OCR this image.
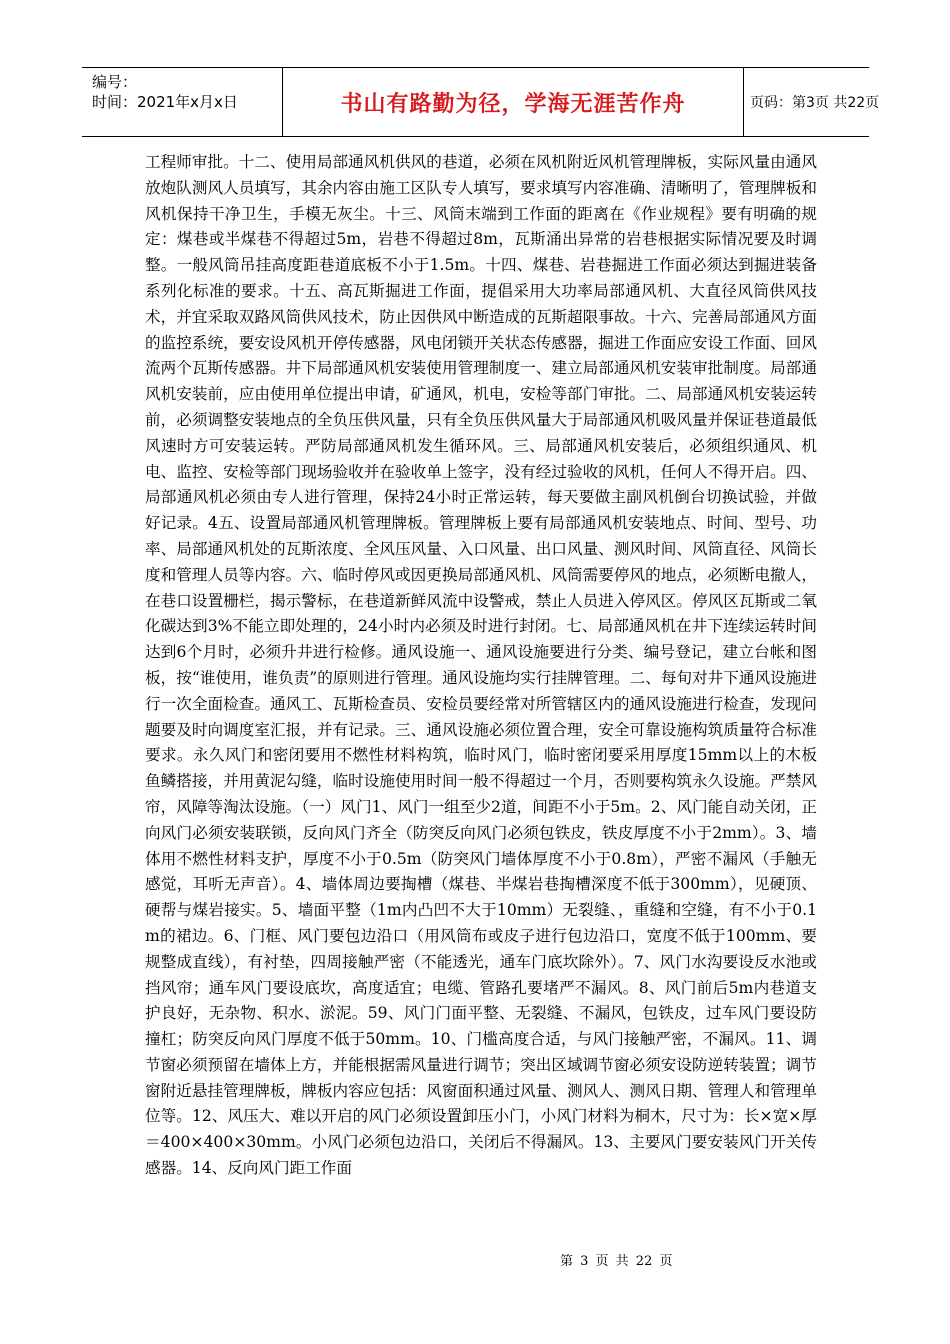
编号：
时间：2021年x月x日	书山有路勤为径，学海无涯苦作舟	页码：第3页 共22页

工程师审批。十二、使用局部通风机供风的巷道，必须在风机附近风机管理牌板，实际风量由通风放炮队测风人员填写，其余内容由施工区队专人填写，要求填写内容准确、清晰明了，管理牌板和风机保持干净卫生，手模无灰尘。十三、风筒末端到工作面的距离在《作业规程》要有明确的规定：煤巷或半煤巷不得超过5m，岩巷不得超过8m，瓦斯涌出异常的岩巷根据实际情况要及时调整。一般风筒吊挂高度距巷道底板不小于1.5m。十四、煤巷、岩巷掘进工作面必须达到掘进装备系列化标准的要求。十五、高瓦斯掘进工作面，提倡采用大功率局部通风机、大直径风筒供风技术，并宜采取双路风筒供风技术，防止因供风中断造成的瓦斯超限事故。十六、完善局部通风方面的监控系统，要安设风机开停传感器，风电闭锁开关状态传感器，掘进工作面应安设工作面、回风流两个瓦斯传感器。井下局部通风机安装使用管理制度一、建立局部通风机安装审批制度。局部通风机安装前，应由使用单位提出申请，矿通风，机电，安检等部门审批。二、局部通风机安装运转前，必须调整安装地点的全负压供风量，只有全负压供风量大于局部通风机吸风量并保证巷道最低风速时方可安装运转。严防局部通风机发生循环风。三、局部通风机安装后，必须组织通风、机电、监控、安检等部门现场验收并在验收单上签字，没有经过验收的风机，任何人不得开启。四、局部通风机必须由专人进行管理，保持24小时正常运转，每天要做主副风机倒台切换试验，并做好记录。4五、设置局部通风机管理牌板。管理牌板上要有局部通风机安装地点、时间、型号、功率、局部通风机处的瓦斯浓度、全风压风量、入口风量、出口风量、测风时间、风筒直径、风筒长度和管理人员等内容。六、临时停风或因更换局部通风机、风筒需要停风的地点，必须断电撤人，在巷口设置栅栏，揭示警标，在巷道新鲜风流中设警戒，禁止人员进入停风区。停风区瓦斯或二氧化碳达到3%不能立即处理的，24小时内必须及时进行封闭。七、局部通风机在井下连续运转时间达到6个月时，必须升井进行检修。通风设施一、通风设施要进行分类、编号登记，建立台帐和图板，按“谁使用，谁负责”的原则进行管理。通风设施均实行挂牌管理。二、每旬对井下通风设施进行一次全面检查。通风工、瓦斯检查员、安检员要经常对所管辖区内的通风设施进行检查，发现问题要及时向调度室汇报，并有记录。三、通风设施必须位置合理，安全可靠设施构筑质量符合标准要求。永久风门和密闭要用不燃性材料构筑，临时风门，临时密闭要采用厚度15mm以上的木板鱼鳞搭接，并用黄泥勾缝，临时设施使用时间一般不得超过一个月，否则要构筑永久设施。严禁风帘，风障等淘汰设施。（一）风门1、风门一组至少2道，间距不小于5m。2、风门能自动关闭，正向风门必须安装联锁，反向风门齐全（防突反向风门必须包铁皮，铁皮厚度不小于2mm）。3、墙体用不燃性材料支护，厚度不小于0.5m（防突风门墙体厚度不小于0.8m），严密不漏风（手触无感觉，耳听无声音）。4、墙体周边要掏槽（煤巷、半煤岩巷掏槽深度不低于300mm），见硬顶、硬帮与煤岩接实。5、墙面平整（1m内凸凹不大于10mm）无裂缝、，重缝和空缝，有不小于0.1m的裙边。6、门框、风门要包边沿口（用风筒布或皮子进行包边沿口，宽度不低于100mm、要规整成直线），有衬垫，四周接触严密（不能透光，通车门底坎除外）。7、风门水沟要设反水池或挡风帘；通车风门要设底坎，高度适宜；电缆、管路孔要堵严不漏风。8、风门前后5m内巷道支护良好，无杂物、积水、淤泥。59、风门门面平整、无裂缝、不漏风，包铁皮，过车风门要设防撞杠；防突反向风门厚度不低于50mm。10、门槛高度合适，与风门接触严密，不漏风。11、调节窗必须预留在墙体上方，并能根据需风量进行调节；突出区域调节窗必须安设防逆转装置；调节窗附近悬挂管理牌板，牌板内容应包括：风窗面积通过风量、测风人、测风日期、管理人和管理单位等。12、风压大、难以开启的风门必须设置卸压小门，小风门材料为桐木，尺寸为：长×宽×厚＝400×400×30mm。小风门必须包边沿口，关闭后不得漏风。13、主要风门要安装风门开关传感器。14、反向风门距工作面

第 3 页 共 22 页
